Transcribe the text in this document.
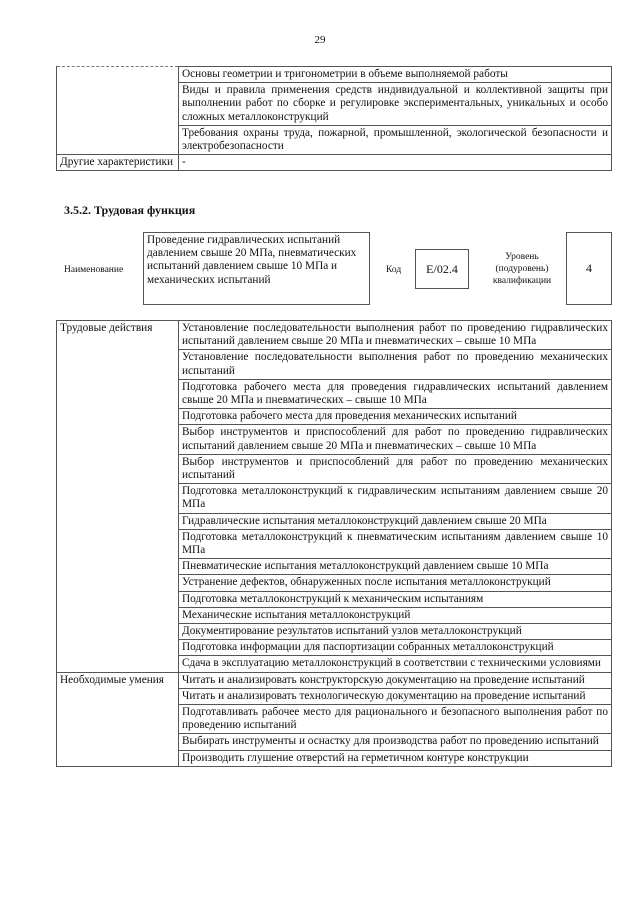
29
	Основы геометрии и тригонометрии в объеме выполняемой работы
	Виды и правила применения средств индивидуальной и коллективной защиты при выполнении работ по сборке и регулировке экспериментальных, уникальных и особо сложных металлоконструкций
	Требования охраны труда, пожарной, промышленной, экологической безопасности и электробезопасности
Другие характеристики	-
3.5.2. Трудовая функция
Наименование
Проведение гидравлических испытаний давлением свыше 20 МПа, пневматических испытаний давлением свыше 10 МПа и механических испытаний
Код	E/02.4
Уровень (подуровень) квалификации
4
Трудовые действия	Установление последовательности выполнения работ по проведению гидравлических испытаний давлением свыше 20 МПа и пневматических – свыше 10 МПа
	Установление последовательности выполнения работ по проведению механических испытаний
	Подготовка рабочего места для проведения гидравлических испытаний давлением свыше 20 МПа и пневматических – свыше 10 МПа
	Подготовка рабочего места для проведения механических испытаний
	Выбор инструментов и приспособлений для работ по проведению гидравлических испытаний давлением свыше 20 МПа и пневматических – свыше 10 МПа
	Выбор инструментов и приспособлений для работ по проведению механических испытаний
	Подготовка металлоконструкций к гидравлическим испытаниям давлением свыше 20 МПа
	Гидравлические испытания металлоконструкций давлением свыше 20 МПа
	Подготовка металлоконструкций к пневматическим испытаниям давлением свыше 10 МПа
	Пневматические испытания металлоконструкций давлением свыше 10 МПа
	Устранение дефектов, обнаруженных после испытания металлоконструкций
	Подготовка металлоконструкций к механическим испытаниям
	Механические испытания металлоконструкций
	Документирование результатов испытаний узлов металлоконструкций
	Подготовка информации для паспортизации собранных металлоконструкций
	Сдача в эксплуатацию металлоконструкций в соответствии с техническими условиями
Необходимые умения	Читать и анализировать конструкторскую документацию на проведение испытаний
	Читать и анализировать технологическую документацию на проведение испытаний
	Подготавливать рабочее место для рационального и безопасного выполнения работ по проведению испытаний
	Выбирать инструменты и оснастку для производства работ по проведению испытаний
	Производить глушение отверстий на герметичном контуре конструкции
